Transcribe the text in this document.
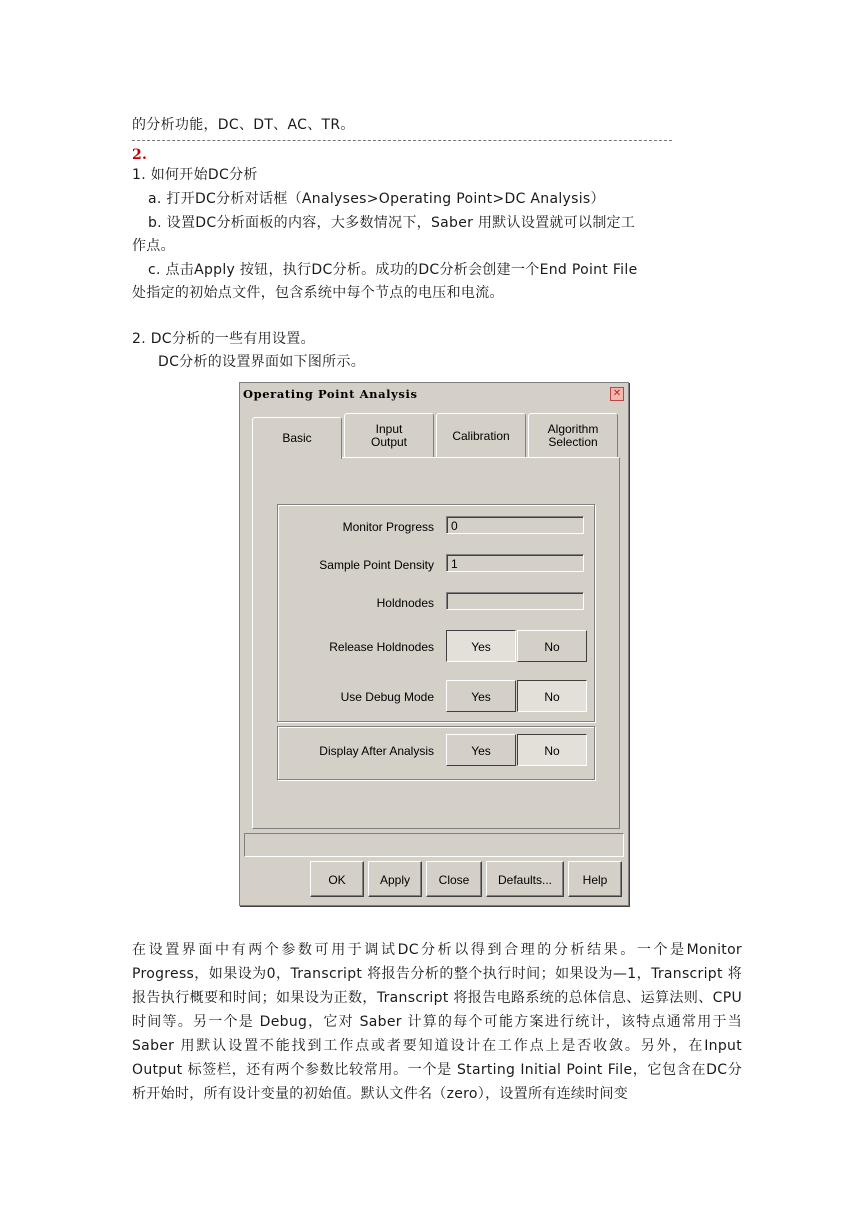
的分析功能，DC、DT、AC、TR。
2.
1. 如何开始DC分析
a. 打开DC分析对话框（Analyses>Operating Point>DC Analysis）
b. 设置DC分析面板的内容，大多数情况下，Saber 用默认设置就可以制定工
作点。
c. 点击Apply 按钮，执行DC分析。成功的DC分析会创建一个End Point File
处指定的初始点文件，包含系统中每个节点的电压和电流。
2. DC分析的一些有用设置。
DC分析的设置界面如下图所示。
Operating Point Analysis	✕
Basic
Input
Output	Calibration	Algorithm
Selection
Monitor Progress	0
Sample Point Density	1
Holdnodes
Release Holdnodes	Yes	No
Use Debug Mode	Yes	No
Display After Analysis	Yes	No
OK	Apply	Close	Defaults...	Help
在设置界面中有两个参数可用于调试DC分析以得到合理的分析结果。一个是Monitor Progress，如果设为0，Transcript 将报告分析的整个执行时间；如果设为—1，Transcript 将报告执行概要和时间；如果设为正数，Transcript 将报告电路系统的总体信息、运算法则、CPU 时间等。另一个是 Debug，它对 Saber 计算的每个可能方案进行统计，该特点通常用于当Saber 用默认设置不能找到工作点或者要知道设计在工作点上是否收敛。另外，在Input Output 标签栏，还有两个参数比较常用。一个是 Starting Initial Point File，它包含在DC分析开始时，所有设计变量的初始值。默认文件名（zero），设置所有连续时间变
